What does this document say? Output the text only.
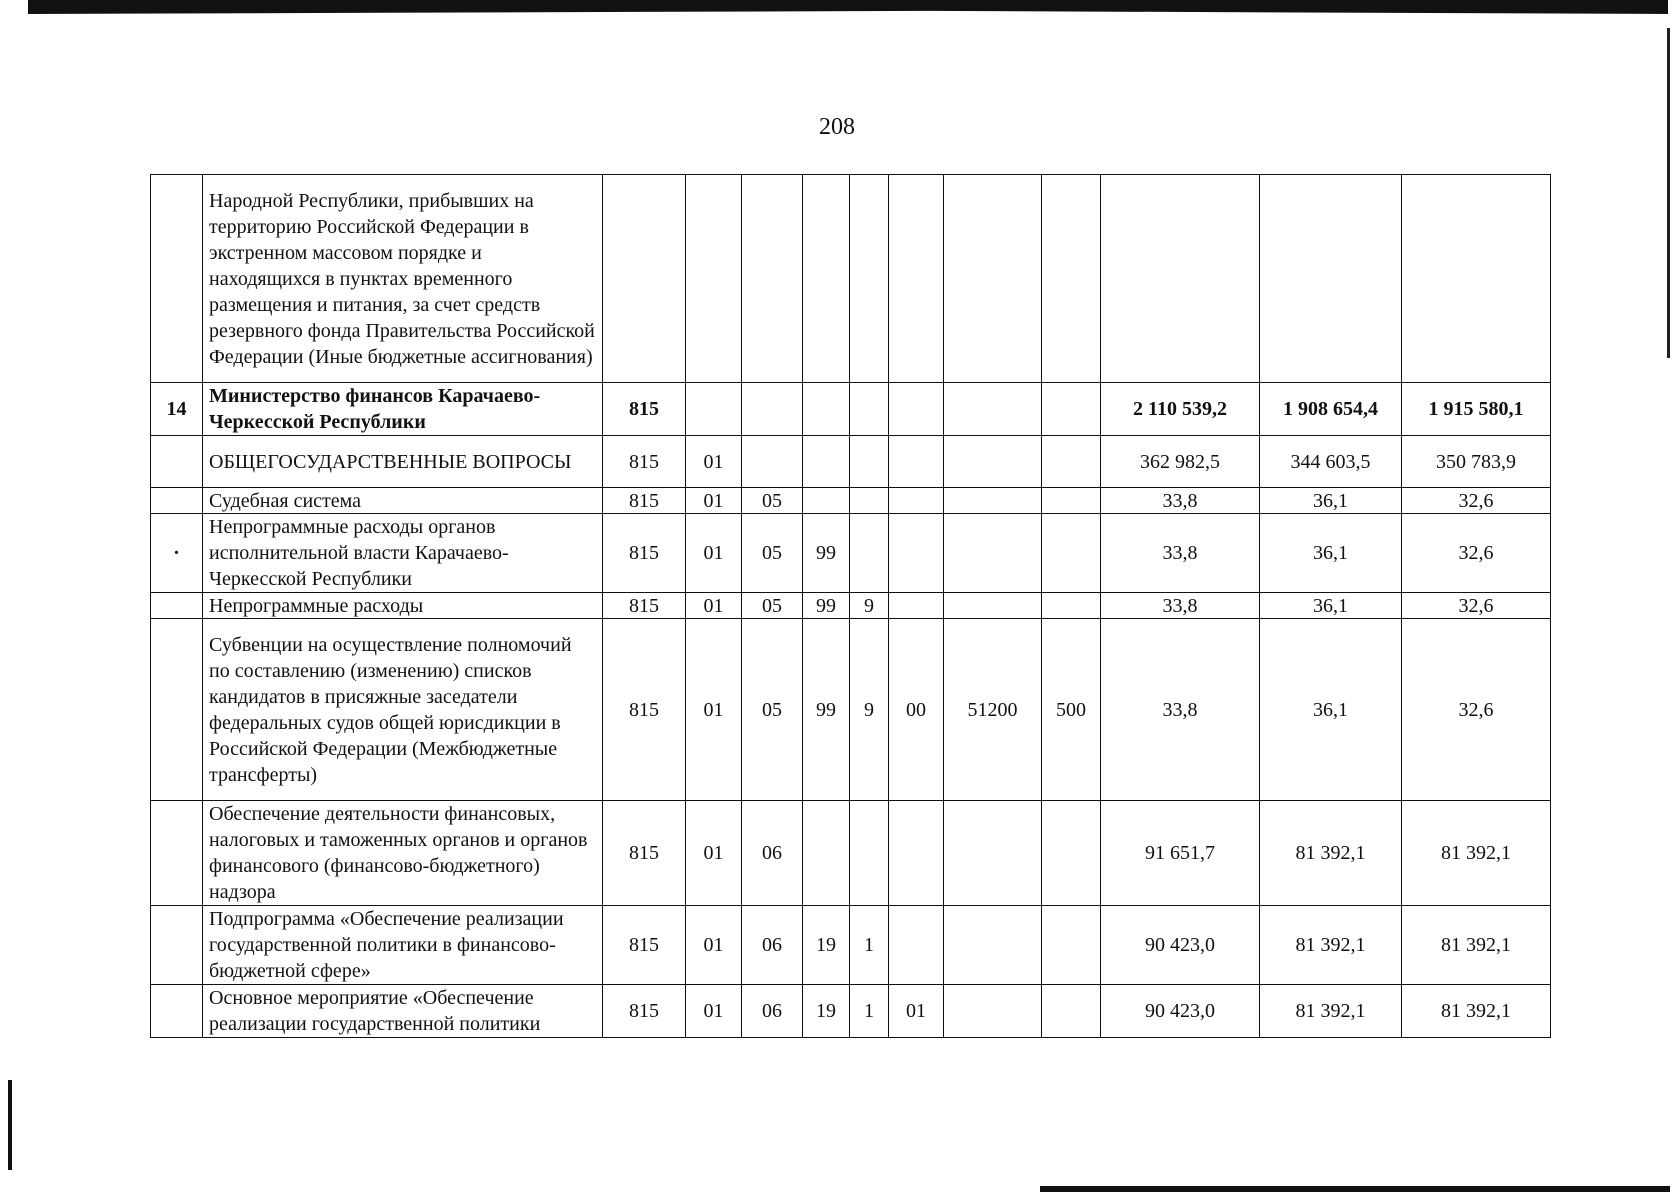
208
	Народной Республики, прибывших на территорию Российской Федерации в экстренном массовом порядке и находящихся в пунктах временного размещения и питания, за счет средств резервного фонда Правительства Российской Федерации (Иные бюджетные ассигнования)											
14	Министерство финансов Карачаево-Черкесской Республики	815								2 110 539,2	1 908 654,4	1 915 580,1
	ОБЩЕГОСУДАРСТВЕННЫЕ ВОПРОСЫ	815	01							362 982,5	344 603,5	350 783,9
	Судебная система	815	01	05						33,8	36,1	32,6
·	Непрограммные расходы органов исполнительной власти Карачаево-Черкесской Республики	815	01	05	99					33,8	36,1	32,6
	Непрограммные расходы	815	01	05	99	9				33,8	36,1	32,6
	Субвенции на осуществление полномочий по составлению (изменению) списков кандидатов в присяжные заседатели федеральных судов общей юрисдикции в Российской Федерации (Межбюджетные трансферты)	815	01	05	99	9	00	51200	500	33,8	36,1	32,6
	Обеспечение деятельности финансовых, налоговых и таможенных органов и органов финансового (финансово-бюджетного) надзора	815	01	06						91 651,7	81 392,1	81 392,1
	Подпрограмма «Обеспечение реализации государственной политики в финансово-бюджетной сфере»	815	01	06	19	1				90 423,0	81 392,1	81 392,1
	Основное мероприятие «Обеспечение реализации государственной политики	815	01	06	19	1	01			90 423,0	81 392,1	81 392,1
